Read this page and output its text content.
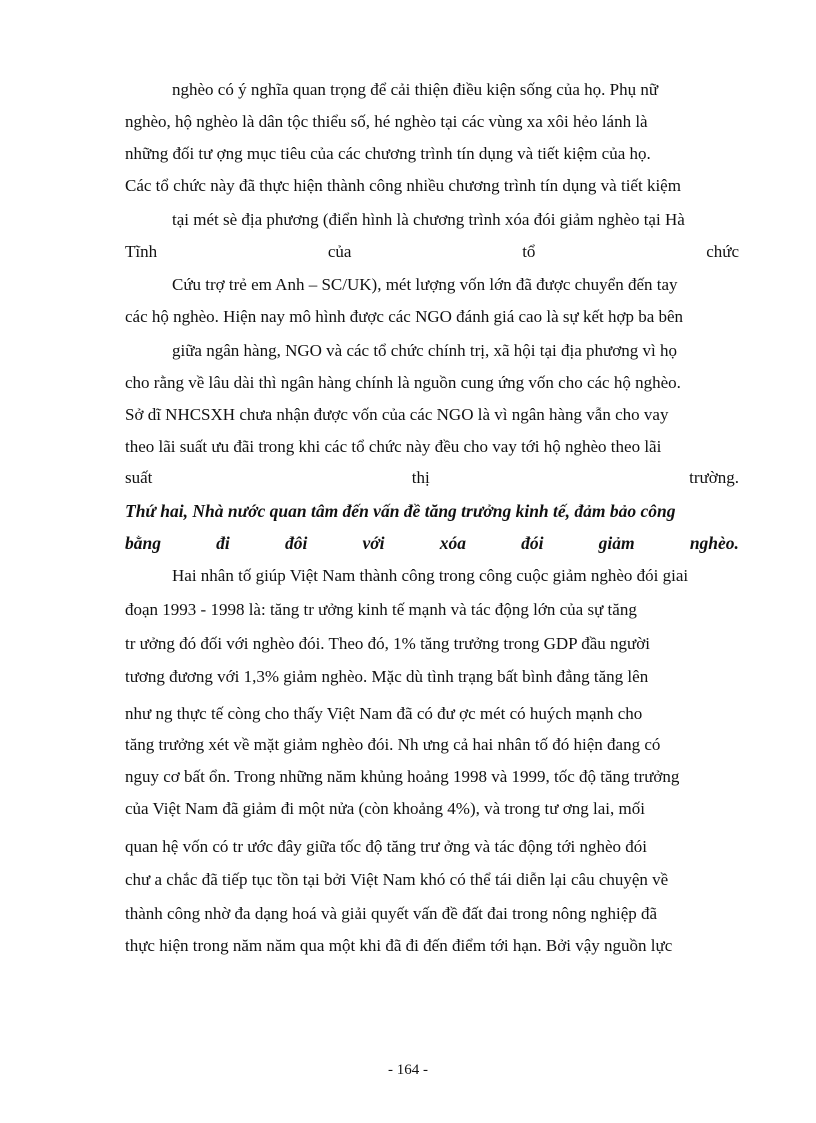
nghèo có ý nghĩa quan trọng để cải thiện điều kiện sống của họ. Phụ nữ
nghèo, hộ nghèo là dân tộc thiểu số, hé nghèo tại các vùng xa xôi hẻo lánh là
những đối tư ợng mục tiêu của các chương trình tín dụng và tiết kiệm của họ.
Các tổ chức này đã thực hiện thành công nhiều chương trình tín dụng và tiết kiệm
tại mét sè địa phương (điển hình là chương trình xóa đói giảm nghèo tại Hà
Tĩnh	của	tổ	chức
Cứu trợ trẻ em Anh – SC/UK), mét lượng vốn lớn đã được chuyển đến tay
các hộ nghèo. Hiện nay mô hình được các NGO đánh giá cao là sự kết hợp ba bên
giữa ngân hàng, NGO và các tổ chức chính trị, xã hội tại địa phương vì họ
cho rằng về lâu dài thì ngân hàng chính là nguồn cung ứng vốn cho các hộ nghèo.
Sở dĩ NHCSXH chưa nhận được vốn của các NGO là vì ngân hàng vẫn cho vay
theo lãi suất ưu đãi trong khi các tổ chức này đều cho vay tới hộ nghèo theo lãi
suất	thị	trường.
Thứ hai, Nhà nước quan tâm đến vấn đề tăng trưởng kinh tế, đảm bảo công
bằng	đi	đôi	với	xóa	đói	giảm	nghèo.
Hai nhân tố giúp Việt Nam thành công trong công cuộc giảm nghèo đói giai
đoạn 1993 - 1998 là: tăng tr ưởng kinh tế mạnh và tác động lớn của sự tăng
tr ưởng đó đối với nghèo đói. Theo đó, 1% tăng trưởng trong GDP đầu người
tương đương với 1,3% giảm nghèo. Mặc dù tình trạng bất bình đẳng tăng lên
như ng thực tế còng cho thấy Việt Nam đã có đư ợc mét có huých mạnh cho
tăng trưởng xét về mặt giảm nghèo đói. Nh ưng cả hai nhân tố đó hiện đang có
nguy cơ bất ổn. Trong những năm khủng hoảng 1998 và 1999, tốc độ tăng trưởng
của Việt Nam đã giảm đi một nửa (còn khoảng 4%), và trong tư ơng lai, mối
quan hệ vốn có tr ước đây giữa tốc độ tăng trư ởng và tác động tới nghèo đói
chư a chắc đã tiếp tục tồn tại bởi Việt Nam khó có thể tái diễn lại câu chuyện về
thành công nhờ đa dạng hoá và giải quyết vấn đề đất đai trong nông nghiệp đã
thực hiện trong năm năm qua một khi đã đi đến điểm tới hạn. Bởi vậy nguồn lực
- 164 -
